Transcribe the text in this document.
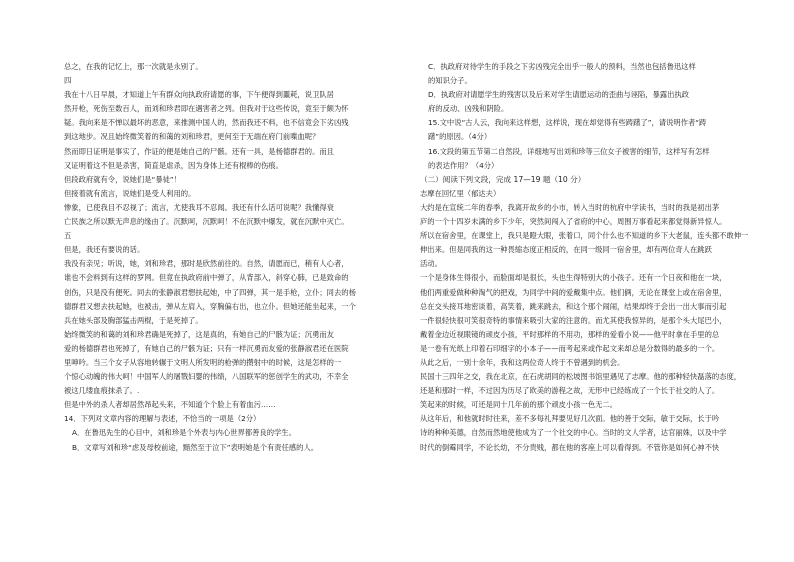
总之，在我的记忆上，那一次就是永别了。
四
我在十八日早晨，才知道上午有群众向执政府请愿的事，下午便得到噩耗，说卫队居
然开枪，死伤至数百人，而刘和珍君即在遇害者之列。但我对于这些传说，竟至于颇为怀
疑。我向来是不惮以最坏的恶意，来推测中国人的，然而我还不料，也不信竟会下劣凶残
到这地步。况且始终微笑着的和蔼的刘和珍君，更何至于无端在府门前喋血呢？
然而即日证明是事实了，作证的便是她自己的尸骸。还有一具，是杨德群君的。而且
又证明着这不但是杀害，简直是虐杀，因为身体上还有棍棒的伤痕。
但段政府就有令，说她们是“暴徒”！
但接着就有流言，说她们是受人利用的。
惨象，已使我目不忍视了；流言，尤使我耳不忍闻。我还有什么话可说呢？我懂得衰
亡民族之所以默无声息的缘由了。沉默呵，沉默呵！不在沉默中爆发，就在沉默中灭亡。
五
但是，我还有要说的话。
我没有亲见；听说，她，刘和珍君，那时是欣然前往的。自然，请愿而已，稍有人心者，
谁也不会料到有这样的罗网。但竟在执政府前中弹了，从背部入，斜穿心肺，已是致命的
创伤，只是没有便死。同去的张静淑君想扶起她，中了四弹，其一是手枪，立仆；同去的杨
德群君又想去扶起她，也被击，弹从左肩入，穿胸偏右出，也立仆。但她还能坐起来，一个
兵在她头部及胸部猛击两棍，于是死掉了。
始终微笑的和蔼的刘和珍君确是死掉了，这是真的，有她自己的尸骸为证；沉勇而友
爱的杨德群君也死掉了，有她自己的尸骸为证；只有一样沉勇而友爱的张静淑君还在医院
里呻吟。当三个女子从容地转辗于文明人所发明的枪弹的攒射中的时候，这是怎样的一
个惊心动魄的伟大呵！中国军人的屠戮妇婴的伟绩，八国联军的惩创学生的武功，不幸全
被这几缕血痕抹杀了。.
但是中外的杀人者却居然昂起头来，不知道个个脸上有着血污……
14．下列对文章内容的理解与表述，不恰当的一项是（2分）
A．在鲁迅先生的心目中，刘和珍是个外表与内心世界都善良的学生。
B．文章写刘和珍“虑及母校前途，黯然至于泣下”表明她是个有责任感的人。
C．执政府对待学生的手段之下劣凶残完全出乎一般人的预料，当然也包括鲁迅这样
的知识分子。
D．执政府对请愿学生的残害以及后来对学生请愿运动的歪曲与诬陷，暴露出执政
府的反动、凶残和阴险。
15.文中说“古人云，我向来这样想，这样说，现在却觉得有些踌躇了”，请说明作者“踌
躇”的原因。（4分）
16.文段的第五节第二自然段，详细地写出刘和珍等三位女子被害的细节，这样写有怎样
的表达作用？（4分）
（二）阅读下列文段，完成 17—19 题（10 分）
志摩在回忆里（郁达夫）
大约是在宣统二年的春季，我离开故乡的小市，转入当时的杭府中学读书，当时的我是初出茅
庐的一个十四岁未满的乡下少年，突然间闯入了省府的中心，周围万事看起来都觉得新异惊人。
所以在宿舍里，在课堂上，我只是瞪大眼，张着口，同个什么也不知道的乡下大老鼠，连头都不敢伸一
伸出来。但是同我的这一种畏缩态度正相反的，在同一级同一宿舍里，却有两位奇人在跳跃
活动。
一个是身体生得很小，而脸面却是很长，头也生得特别大的小孩子。还有一个日夜和他在一块，
他们两重爱做种种淘气的把戏，为同学中间的爱戴集中点。他们俩，无论在课堂上或在宿舍里，
总在交头接耳地密谈着，高笑着，跳来跳去，和这个那个闹闹，结果却终于会出一出大事而引起
一件很轻快很可笑很奇特的事情来吸引大家的注意的。而尤其使我惊异的，是那个头大尾巴小，
戴着金边近视眼镜的顽皮小孩，平时那样的不用功，那样的爱看小说——他平时拿在手里的总
是一卷有光纸上印着石印细字的小本子——而考起来或作起文来却总是分数得的最多的一个。
从此之后，一别十余年，我和这两位奇人终于不曾遇到的机会。
民国十三四年之交，我在北京，在石虎胡同的松坡图书馆里遇见了志摩。他的那种轻快磊落的态度，
还是和那时一样，不过因为历尽了欧美的游程之故，无形中已经练成了一个长于社交的人了。
笑起来的时候，可还是同十几年前的那个顽皮小孩一色无二。
从这年后，和他就时时往来，差不多每礼拜要见好几次面。他的善于交际，敏于交际，长于吟
诗的种种美德，自然而然地使他成为了一个社交的中心。当时的文人学者，达官丽姝，以及中学
时代的倒霉同学，不论长幼，不分贵贱，都在他的客座上可以看得到。不管你是如何心神不快
